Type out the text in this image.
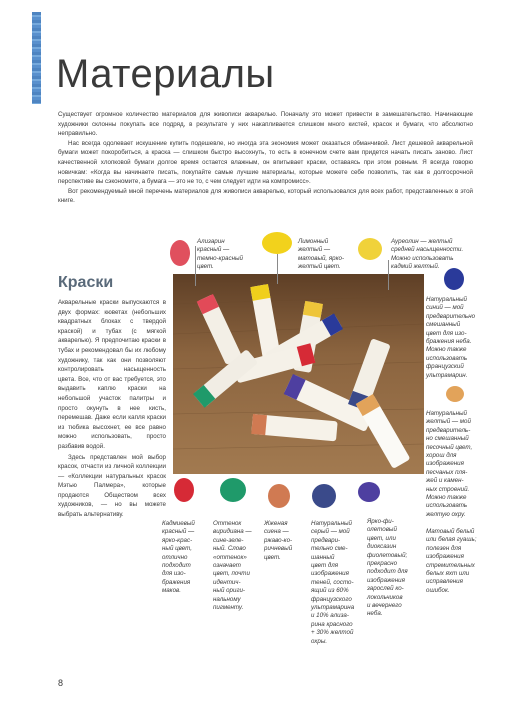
Материалы

Существует огромное количество материалов для живописи акварелью. Поначалу это может привести в замешательство. Начинающие художники склонны покупать все подряд, в результате у них накапливается слишком много кистей, красок и бумаги, что абсолютно неправильно.

Нас всегда одолевает искушение купить подешевле, но иногда эта экономия может оказаться обманчивой. Лист дешевой акварельной бумаги может покоробиться, а краска — слишком быстро высохнуть, то есть в конечном счете вам придется начать писать заново. Лист качественной хлопковой бумаги долгое время остается влажным, он впитывает краски, оставаясь при этом ровным. Я всегда говорю новичкам: «Когда вы начинаете писать, покупайте самые лучшие материалы, которые можете себе позволить, так как в долгосрочной перспективе вы сэкономите, а бумага — это не то, с чем следует идти на компромисс».

Вот рекомендуемый мной перечень материалов для живописи акварелью, который использовался для всех работ, представленных в этой книге.

Краски

Акварельные краски выпускаются в двух формах: кюветах (небольших квадратных блоках с твердой краской) и тубах (с мягкой акварелью). Я предпочитаю краски в тубах и рекомендовал бы их любому художнику, так как они позволяют контролировать насыщенность цвета. Все, что от вас требуется, это выдавить каплю краски на небольшой участок палитры и просто окунуть в нее кисть, перемешав. Даже если капля краски из тюбика высохнет, ее все равно можно использовать, просто разбавив водой.

Здесь представлен мой выбор красок, отчасти из личной коллекции — «Коллекции натуральных красок Мэтью Палмера», которые продаются Обществом всех художников, — но вы можете выбрать альтернативу.

Ализарин
красный —
темно-красный
цвет.
Лимонный
желтый —
матовый, ярко-
желтый цвет.
Ауреолин — желтый
средней насыщенности.
Можно использовать
кадмий желтый.
Натуральный
синий — мой
предварительно
смешанный
цвет для изо-
бражения неба.
Можно также
использовать
французский
ультрамарин.
Натуральный
желтый — мой
предваритель-
но смешанный
песочный цвет,
хорош для
изображения
песчаных пля-
жей и камен-
ных строений.
Можно также
использовать
желтую охру.
Кадмиевый
красный —
ярко-крас-
ный цвет,
отлично
подходит
для изо-
бражения
маков.
Оттенок
виридиана —
сине-зеле-
ный. Слово
«оттенок»
означает
цвет, почти
идентич-
ный ориги-
нальному
пигменту.
Жженая
сиена —
ржаво-ко-
ричневый
цвет.
Натуральный
серый — мой
предвари-
тельно сме-
шанный
цвет для
изображения
теней, состо-
ящий из 60%
французского
ультрамарина
и 10% ализа-
рина красного
+ 30% желтой
охры.
Ярко-фи-
олетовый
цвет, или
диоксазин
фиолетовый;
прекрасно
подходит для
изображения
зарослей ко-
локольчиков
и вечернего
неба.
Матовый белый
или белая гуашь;
полезен для
изображения
стремительных
белых яхт или
исправления
ошибок.
8
